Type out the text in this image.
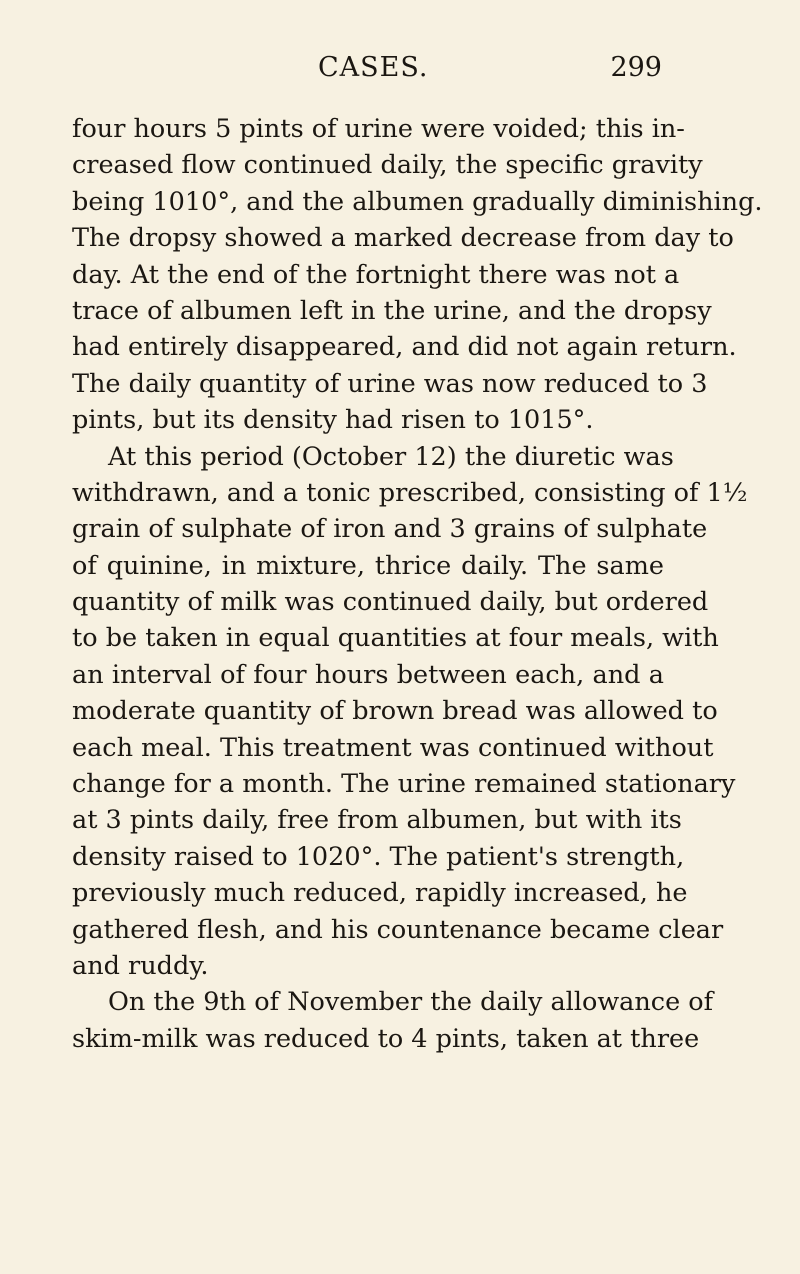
CASES.	299
four hours 5 pints of urine were voided; this in-
creased flow continued daily, the specific gravity
being 1010°, and the albumen gradually diminishing.
The dropsy showed a marked decrease from day to
day. At the end of the fortnight there was not a
trace of albumen left in the urine, and the dropsy
had entirely disappeared, and did not again return.
The daily quantity of urine was now reduced to 3
pints, but its density had risen to 1015°.
At this period (October 12) the diuretic was
withdrawn, and a tonic prescribed, consisting of 1½
grain of sulphate of iron and 3 grains of sulphate
of quinine, in mixture, thrice daily. The same
quantity of milk was continued daily, but ordered
to be taken in equal quantities at four meals, with
an interval of four hours between each, and a
moderate quantity of brown bread was allowed to
each meal. This treatment was continued without
change for a month. The urine remained stationary
at 3 pints daily, free from albumen, but with its
density raised to 1020°. The patient's strength,
previously much reduced, rapidly increased, he
gathered flesh, and his countenance became clear
and ruddy.
On the 9th of November the daily allowance of
skim-milk was reduced to 4 pints, taken at three
